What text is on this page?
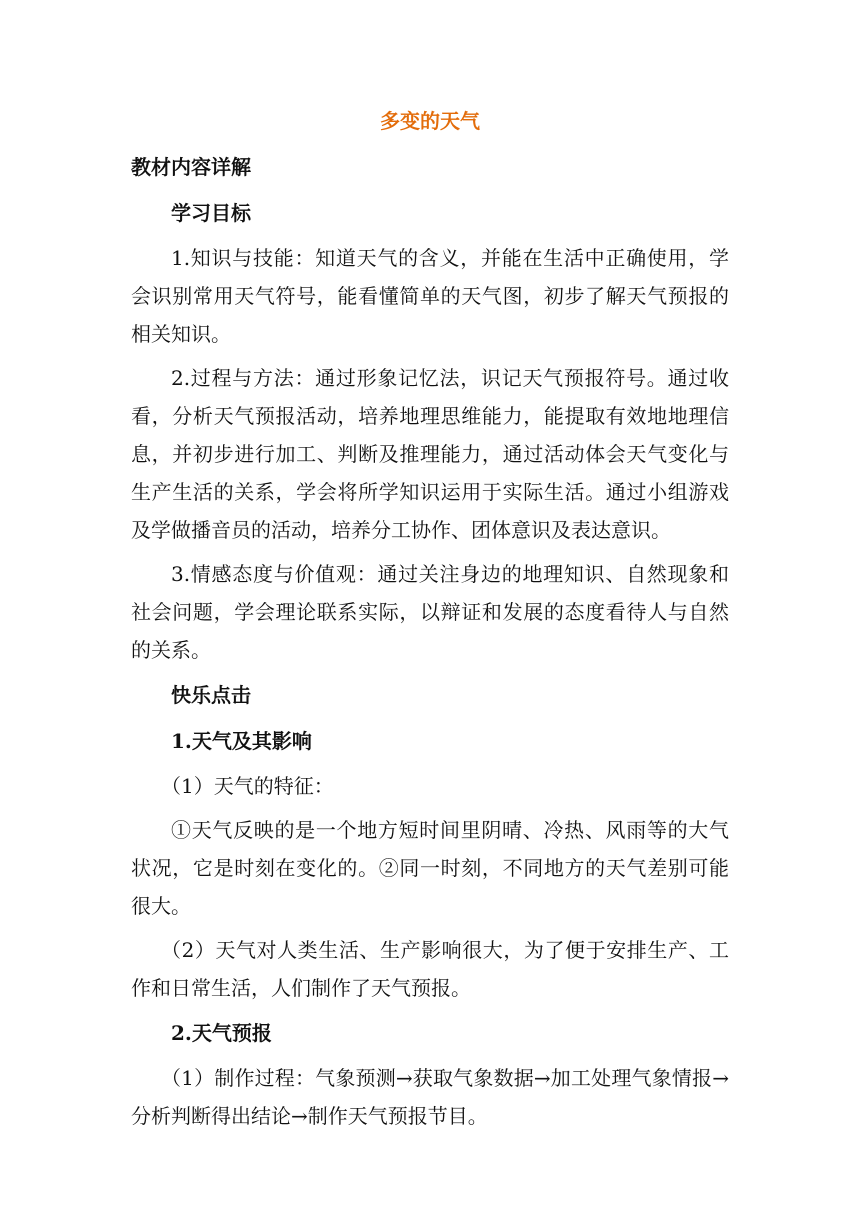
多变的天气
教材内容详解
学习目标
1.知识与技能：知道天气的含义，并能在生活中正确使用，学会识别常用天气符号，能看懂简单的天气图，初步了解天气预报的相关知识。
2.过程与方法：通过形象记忆法，识记天气预报符号。通过收看，分析天气预报活动，培养地理思维能力，能提取有效地地理信息，并初步进行加工、判断及推理能力，通过活动体会天气变化与生产生活的关系，学会将所学知识运用于实际生活。通过小组游戏及学做播音员的活动，培养分工协作、团体意识及表达意识。
3.情感态度与价值观：通过关注身边的地理知识、自然现象和社会问题，学会理论联系实际，以辩证和发展的态度看待人与自然的关系。
快乐点击
1.天气及其影响
（1）天气的特征：
①天气反映的是一个地方短时间里阴晴、冷热、风雨等的大气状况，它是时刻在变化的。②同一时刻，不同地方的天气差别可能很大。
（2）天气对人类生活、生产影响很大，为了便于安排生产、工作和日常生活，人们制作了天气预报。
2.天气预报
（1）制作过程：气象预测→获取气象数据→加工处理气象情报→分析判断得出结论→制作天气预报节目。
